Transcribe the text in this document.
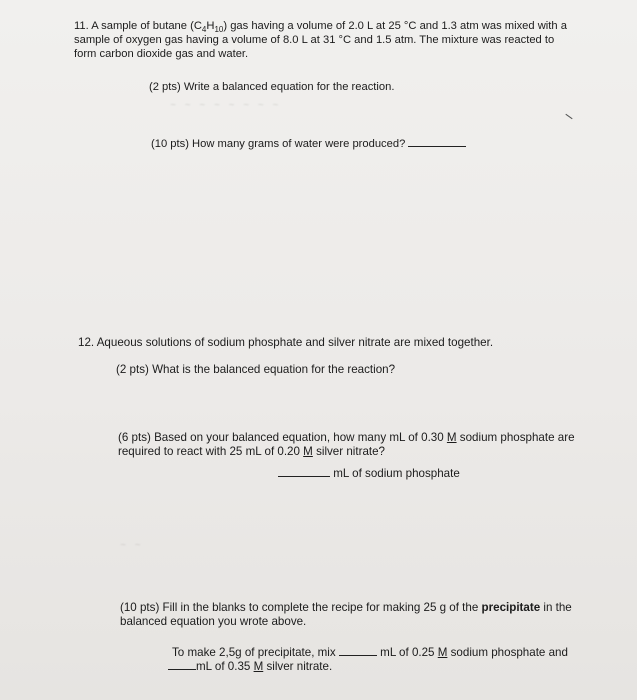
11. A sample of butane $(C_4H_{10})$ gas having a volume of 2.0 L at 25 °C and 1.3 atm was mixed with a
sample of oxygen gas having a volume of 8.0 L at 31 °C and 1.5 atm. The mixture was reacted to
form carbon dioxide gas and water.
(2 pts) Write a balanced equation for the reaction.
~ ~ ~ ~ ~ ~ ~ ~
(10 pts) How many grams of water were produced?
12. Aqueous solutions of sodium phosphate and silver nitrate are mixed together.
(2 pts) What is the balanced equation for the reaction?
(6 pts) Based on your balanced equation, how many mL of 0.30 M sodium phosphate are
required to react with 25 mL of 0.20 M silver nitrate?
mL of sodium phosphate
~ ~
(10 pts) Fill in the blanks to complete the recipe for making 25 g of the precipitate in the
balanced equation you wrote above.
To make 2,5g of precipitate, mix	mL of 0.25 M sodium phosphate and
mL of 0.35 M silver nitrate.
